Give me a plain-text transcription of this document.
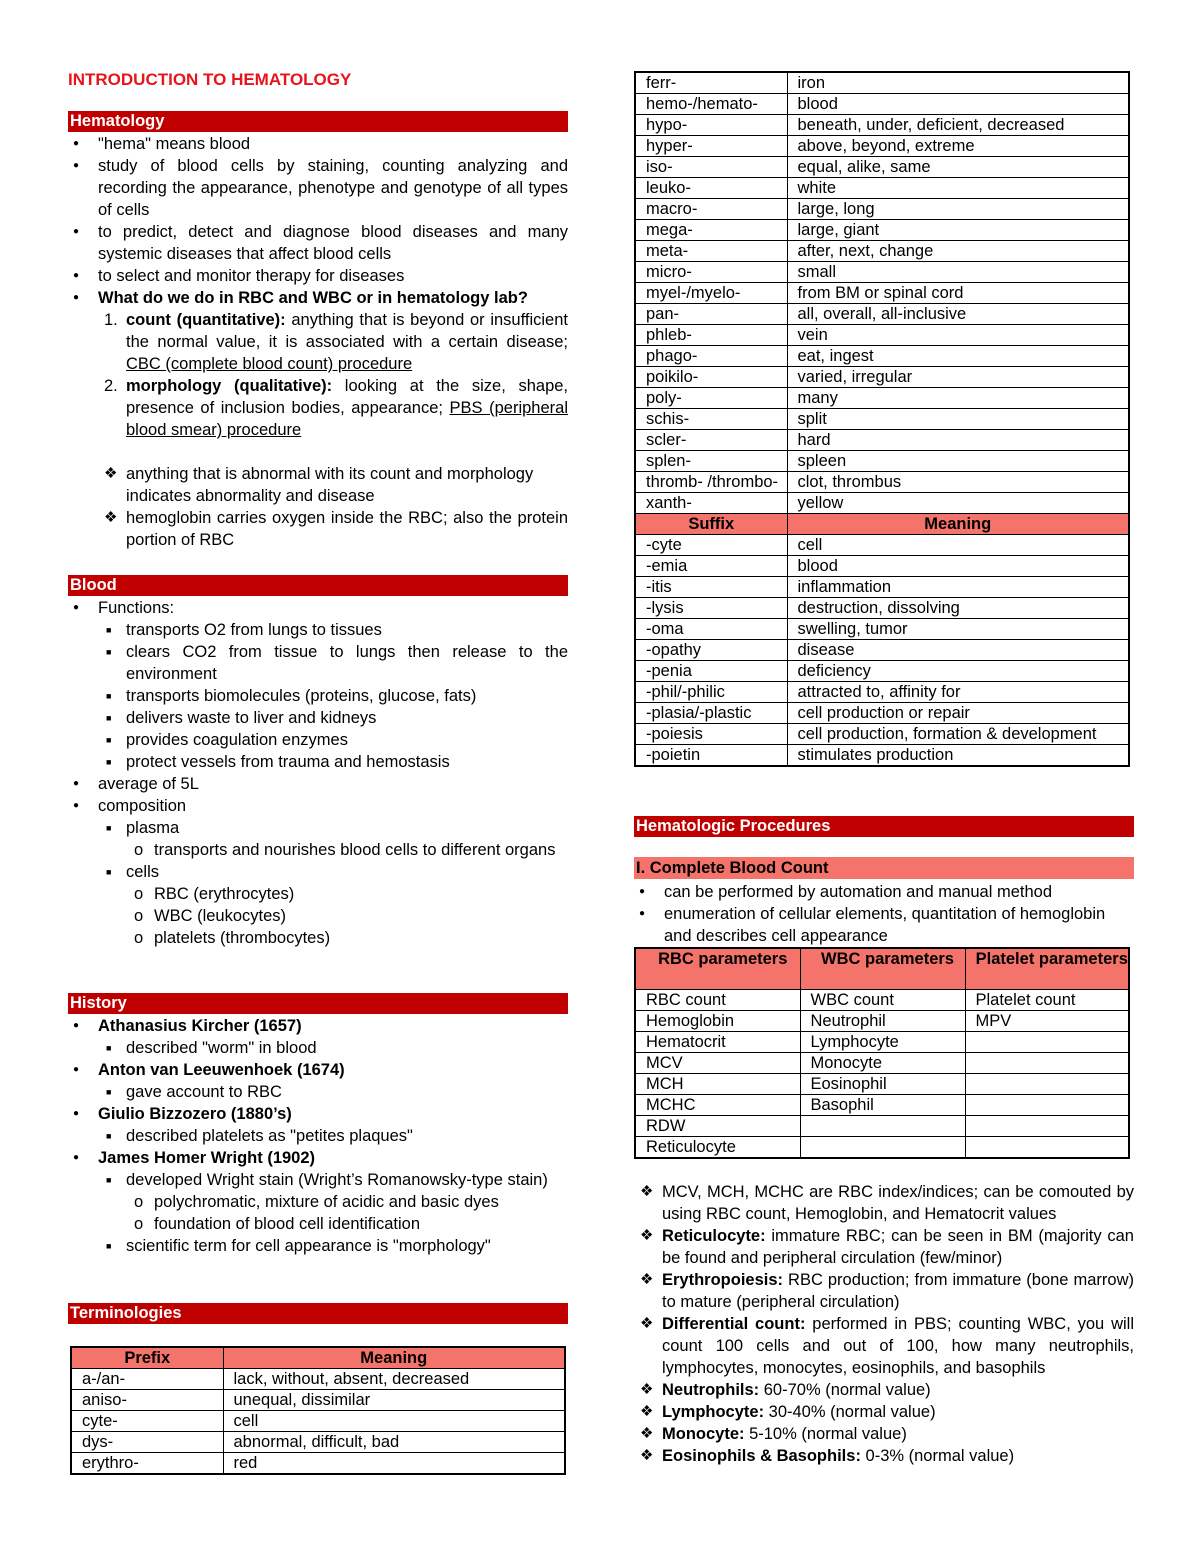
INTRODUCTION TO HEMATOLOGY
Hematology
● "hema" means blood
● study of blood cells by staining, counting analyzing and recording the appearance, phenotype and genotype of all types of cells
● to predict, detect and diagnose blood diseases and many systemic diseases that affect blood cells
● to select and monitor therapy for diseases
● What do we do in RBC and WBC or in hematology lab?
1. count (quantitative): anything that is beyond or insufficient the normal value, it is associated with a certain disease; CBC (complete blood count) procedure
2. morphology (qualitative): looking at the size, shape, presence of inclusion bodies, appearance; PBS (peripheral blood smear) procedure
❖ anything that is abnormal with its count and morphology indicates abnormality and disease
❖ hemoglobin carries oxygen inside the RBC; also the protein portion of RBC
Blood
● Functions:
■ transports O2 from lungs to tissues
■ clears CO2 from tissue to lungs then release to the environment
■ transports biomolecules (proteins, glucose, fats)
■ delivers waste to liver and kidneys
■ provides coagulation enzymes
■ protect vessels from trauma and hemostasis
● average of 5L
● composition
■ plasma
o transports and nourishes blood cells to different organs
■ cells
o RBC (erythrocytes)
o WBC (leukocytes)
o platelets (thrombocytes)
History
● Athanasius Kircher (1657)
■ described "worm" in blood
● Anton van Leeuwenhoek (1674)
■ gave account to RBC
● Giulio Bizzozero (1880’s)
■ described platelets as "petites plaques"
● James Homer Wright (1902)
■ developed Wright stain (Wright’s Romanowsky-type stain)
o polychromatic, mixture of acidic and basic dyes
o foundation of blood cell identification
■ scientific term for cell appearance is "morphology"
Terminologies
Prefix	Meaning
a-/an-	lack, without, absent, decreased
aniso-	unequal, dissimilar
cyte-	cell
dys-	abnormal, difficult, bad
erythro-	red
ferr-	iron
hemo-/hemato-	blood
hypo-	beneath, under, deficient, decreased
hyper-	above, beyond, extreme
iso-	equal, alike, same
leuko-	white
macro-	large, long
mega-	large, giant
meta-	after, next, change
micro-	small
myel-/myelo-	from BM or spinal cord
pan-	all, overall, all-inclusive
phleb-	vein
phago-	eat, ingest
poikilo-	varied, irregular
poly-	many
schis-	split
scler-	hard
splen-	spleen
thromb- /thrombo-	clot, thrombus
xanth-	yellow
Suffix	Meaning
-cyte	cell
-emia	blood
-itis	inflammation
-lysis	destruction, dissolving
-oma	swelling, tumor
-opathy	disease
-penia	deficiency
-phil/-philic	attracted to, affinity for
-plasia/-plastic	cell production or repair
-poiesis	cell production, formation & development
-poietin	stimulates production
Hematologic Procedures
I. Complete Blood Count
● can be performed by automation and manual method
● enumeration of cellular elements, quantitation of hemoglobin and describes cell appearance
RBC parameters	WBC parameters	Platelet parameters
RBC count	WBC count	Platelet count
Hemoglobin	Neutrophil	MPV
Hematocrit	Lymphocyte	
MCV	Monocyte	
MCH	Eosinophil	
MCHC	Basophil	
RDW		
Reticulocyte		
❖ MCV, MCH, MCHC are RBC index/indices; can be comouted by using RBC count, Hemoglobin, and Hematocrit values
❖ Reticulocyte: immature RBC; can be seen in BM (majority can be found and peripheral circulation (few/minor)
❖ Erythropoiesis: RBC production; from immature (bone marrow) to mature (peripheral circulation)
❖ Differential count: performed in PBS; counting WBC, you will count 100 cells and out of 100, how many neutrophils, lymphocytes, monocytes, eosinophils, and basophils
❖ Neutrophils: 60-70% (normal value)
❖ Lymphocyte: 30-40% (normal value)
❖ Monocyte: 5-10% (normal value)
❖ Eosinophils & Basophils: 0-3% (normal value)
